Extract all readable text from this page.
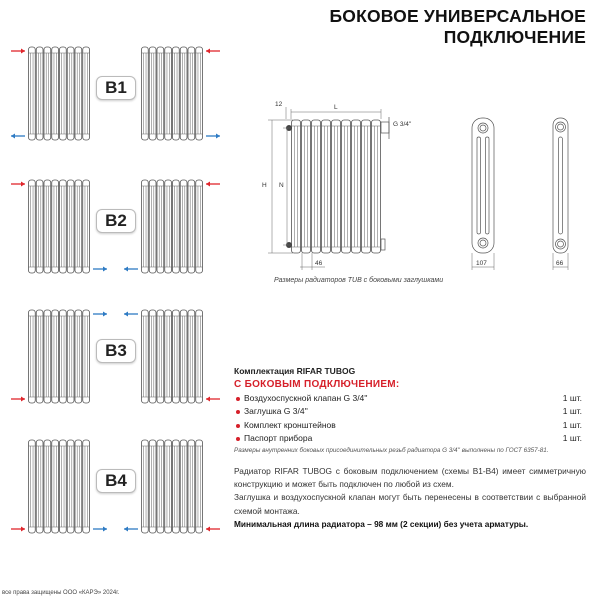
БОКОВОЕ УНИВЕРСАЛЬНОЕ
ПОДКЛЮЧЕНИЕ
B1
B2
B3
B4
12	L
G 3/4''
H N
46	107	66
Размеры радиаторов TUB с боковыми заглушками
Комплектация RIFAR TUBOG
С БОКОВЫМ ПОДКЛЮЧЕНИЕМ:
Воздухоспускной клапан G 3/4''	1 шт.
Заглушка G 3/4''	1 шт.
Комплект кронштейнов	1 шт.
Паспорт прибора	1 шт.
Размеры внутренних боковых присоединительных резьб радиатора G 3/4'' выполнены по ГОСТ 6357-81.
Радиатор RIFAR TUBOG с боковым подключением (схемы B1-B4) имеет симметричную конструкцию и может быть подключен по любой из схем.
Заглушка и воздухоспускной клапан могут быть перенесены в соответствии с выбранной схемой монтажа.
Минимальная длина радиатора – 98 мм (2 секции) без учета арматуры.
все права защищены ООО «КАРЭ» 2024г.
